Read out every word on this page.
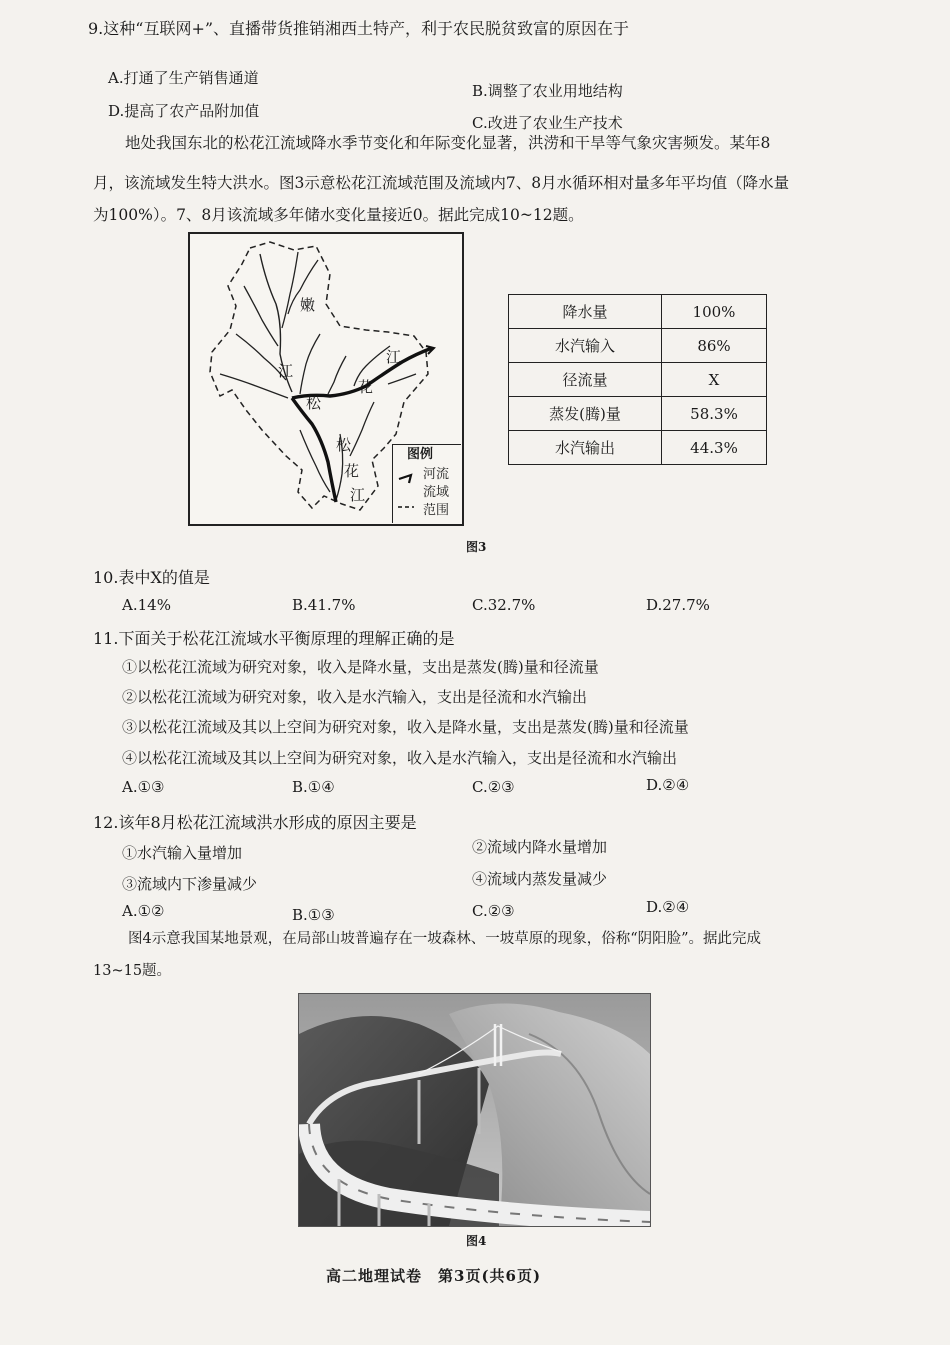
9.这种“互联网+”、直播带货推销湘西土特产，利于农民脱贫致富的原因在于
A.打通了生产销售通道
B.调整了农业用地结构
D.提高了农产品附加值
C.改进了农业生产技术
地处我国东北的松花江流域降水季节变化和年际变化显著，洪涝和干旱等气象灾害频发。某年8
月，该流域发生特大洪水。图3示意松花江流域范围及流域内7、8月水循环相对量多年平均值（降水量
为100%）。7、8月该流域多年储水变化量接近0。据此完成10~12题。
嫩
江
松
花
江
松
花
江
图例
河流
流域
范围
降水量	100%
水汽输入	86%
径流量	X
蒸发(腾)量	58.3%
水汽输出	44.3%
图3
10.表中X的值是
A.14%	B.41.7%	C.32.7%	D.27.7%
11.下面关于松花江流域水平衡原理的理解正确的是
①以松花江流域为研究对象，收入是降水量，支出是蒸发(腾)量和径流量
②以松花江流域为研究对象，收入是水汽输入，支出是径流和水汽输出
③以松花江流域及其以上空间为研究对象，收入是降水量，支出是蒸发(腾)量和径流量
④以松花江流域及其以上空间为研究对象，收入是水汽输入，支出是径流和水汽输出
A.①③	B.①④	C.②③	D.②④
12.该年8月松花江流域洪水形成的原因主要是
①水汽输入量增加	②流域内降水量增加
③流域内下渗量减少	④流域内蒸发量减少
A.①②	B.①③	C.②③	D.②④
图4示意我国某地景观，在局部山坡普遍存在一坡森林、一坡草原的现象，俗称“阴阳脸”。据此完成
13~15题。
图4
高二地理试卷　第3页(共6页)
